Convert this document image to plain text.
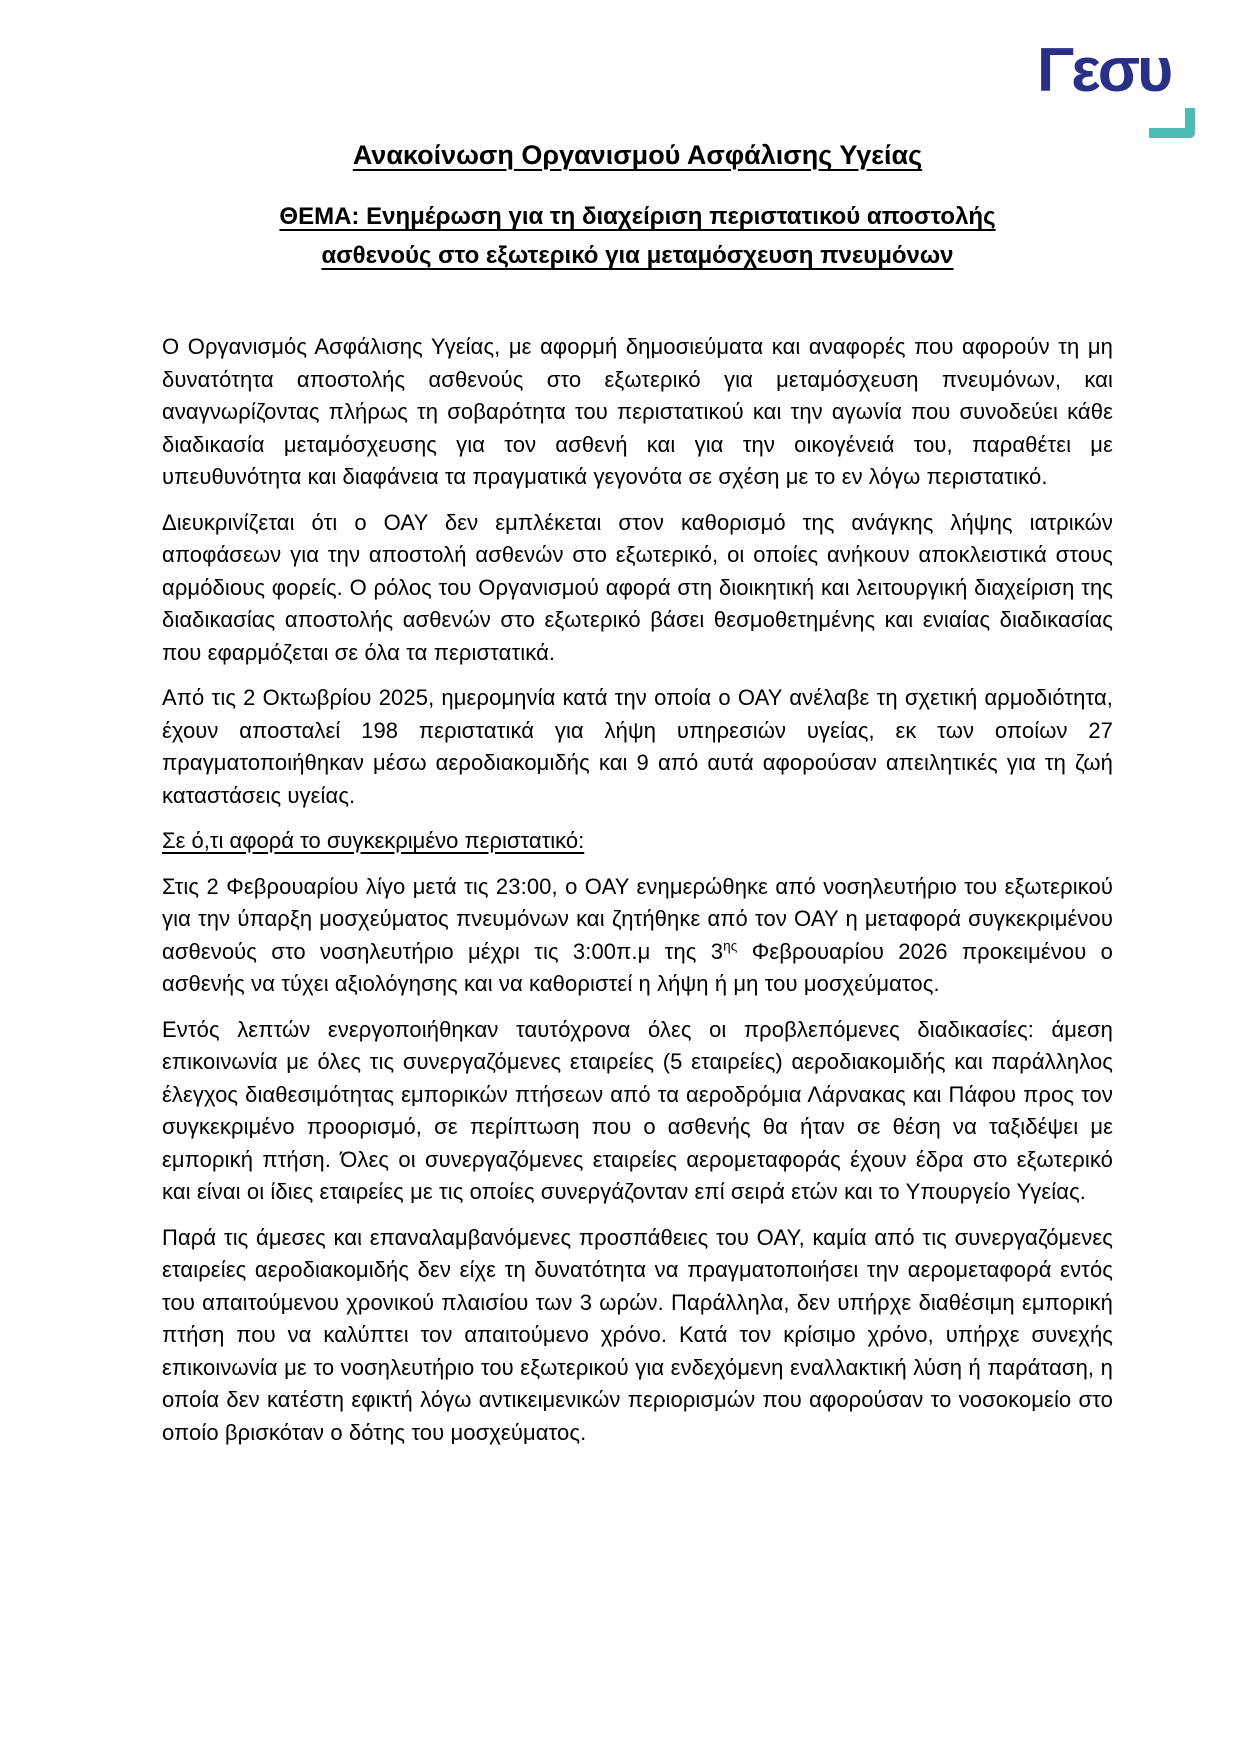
Γεσυ
Ανακοίνωση Οργανισμού Ασφάλισης Υγείας
ΘΕΜΑ: Ενημέρωση για τη διαχείριση περιστατικού αποστολής
ασθενούς στο εξωτερικό για μεταμόσχευση πνευμόνων

Ο Οργανισμός Ασφάλισης Υγείας, με αφορμή δημοσιεύματα και αναφορές που αφορούν τη μη δυνατότητα αποστολής ασθενούς στο εξωτερικό για μεταμόσχευση πνευμόνων, και αναγνωρίζοντας πλήρως τη σοβαρότητα του περιστατικού και την αγωνία που συνοδεύει κάθε διαδικασία μεταμόσχευσης για τον ασθενή και για την οικογένειά του, παραθέτει με υπευθυνότητα και διαφάνεια τα πραγματικά γεγονότα σε σχέση με το εν λόγω περιστατικό.

Διευκρινίζεται ότι ο ΟΑΥ δεν εμπλέκεται στον καθορισμό της ανάγκης λήψης ιατρικών αποφάσεων για την αποστολή ασθενών στο εξωτερικό, οι οποίες ανήκουν αποκλειστικά στους αρμόδιους φορείς. Ο ρόλος του Οργανισμού αφορά στη διοικητική και λειτουργική διαχείριση της διαδικασίας αποστολής ασθενών στο εξωτερικό βάσει θεσμοθετημένης και ενιαίας διαδικασίας που εφαρμόζεται σε όλα τα περιστατικά.

Από τις 2 Οκτωβρίου 2025, ημερομηνία κατά την οποία ο ΟΑΥ ανέλαβε τη σχετική αρμοδιότητα, έχουν αποσταλεί 198 περιστατικά για λήψη υπηρεσιών υγείας, εκ των οποίων 27 πραγματοποιήθηκαν μέσω αεροδιακομιδής και 9 από αυτά αφορούσαν απειλητικές για τη ζωή καταστάσεις υγείας.

Σε ό,τι αφορά το συγκεκριμένο περιστατικό:

Στις 2 Φεβρουαρίου λίγο μετά τις 23:00, ο ΟΑΥ ενημερώθηκε από νοσηλευτήριο του εξωτερικού για την ύπαρξη μοσχεύματος πνευμόνων και ζητήθηκε από τον ΟΑΥ η μεταφορά συγκεκριμένου ασθενούς στο νοσηλευτήριο μέχρι τις 3:00π.μ της $3^{\eta\varsigma}$ Φεβρουαρίου 2026 προκειμένου ο ασθενής να τύχει αξιολόγησης και να καθοριστεί η λήψη ή μη του μοσχεύματος.

Εντός λεπτών ενεργοποιήθηκαν ταυτόχρονα όλες οι προβλεπόμενες διαδικασίες: άμεση επικοινωνία με όλες τις συνεργαζόμενες εταιρείες (5 εταιρείες) αεροδιακομιδής και παράλληλος έλεγχος διαθεσιμότητας εμπορικών πτήσεων από τα αεροδρόμια Λάρνακας και Πάφου προς τον συγκεκριμένο προορισμό, σε περίπτωση που ο ασθενής θα ήταν σε θέση να ταξιδέψει με εμπορική πτήση. Όλες οι συνεργαζόμενες εταιρείες αερομεταφοράς έχουν έδρα στο εξωτερικό και είναι οι ίδιες εταιρείες με τις οποίες συνεργάζονταν επί σειρά ετών και το Υπουργείο Υγείας.

Παρά τις άμεσες και επαναλαμβανόμενες προσπάθειες του ΟΑΥ, καμία από τις συνεργαζόμενες εταιρείες αεροδιακομιδής δεν είχε τη δυνατότητα να πραγματοποιήσει την αερομεταφορά εντός του απαιτούμενου χρονικού πλαισίου των 3 ωρών. Παράλληλα, δεν υπήρχε διαθέσιμη εμπορική πτήση που να καλύπτει τον απαιτούμενο χρόνο. Κατά τον κρίσιμο χρόνο, υπήρχε συνεχής επικοινωνία με το νοσηλευτήριο του εξωτερικού για ενδεχόμενη εναλλακτική λύση ή παράταση, η οποία δεν κατέστη εφικτή λόγω αντικειμενικών περιορισμών που αφορούσαν το νοσοκομείο στο οποίο βρισκόταν ο δότης του μοσχεύματος.
